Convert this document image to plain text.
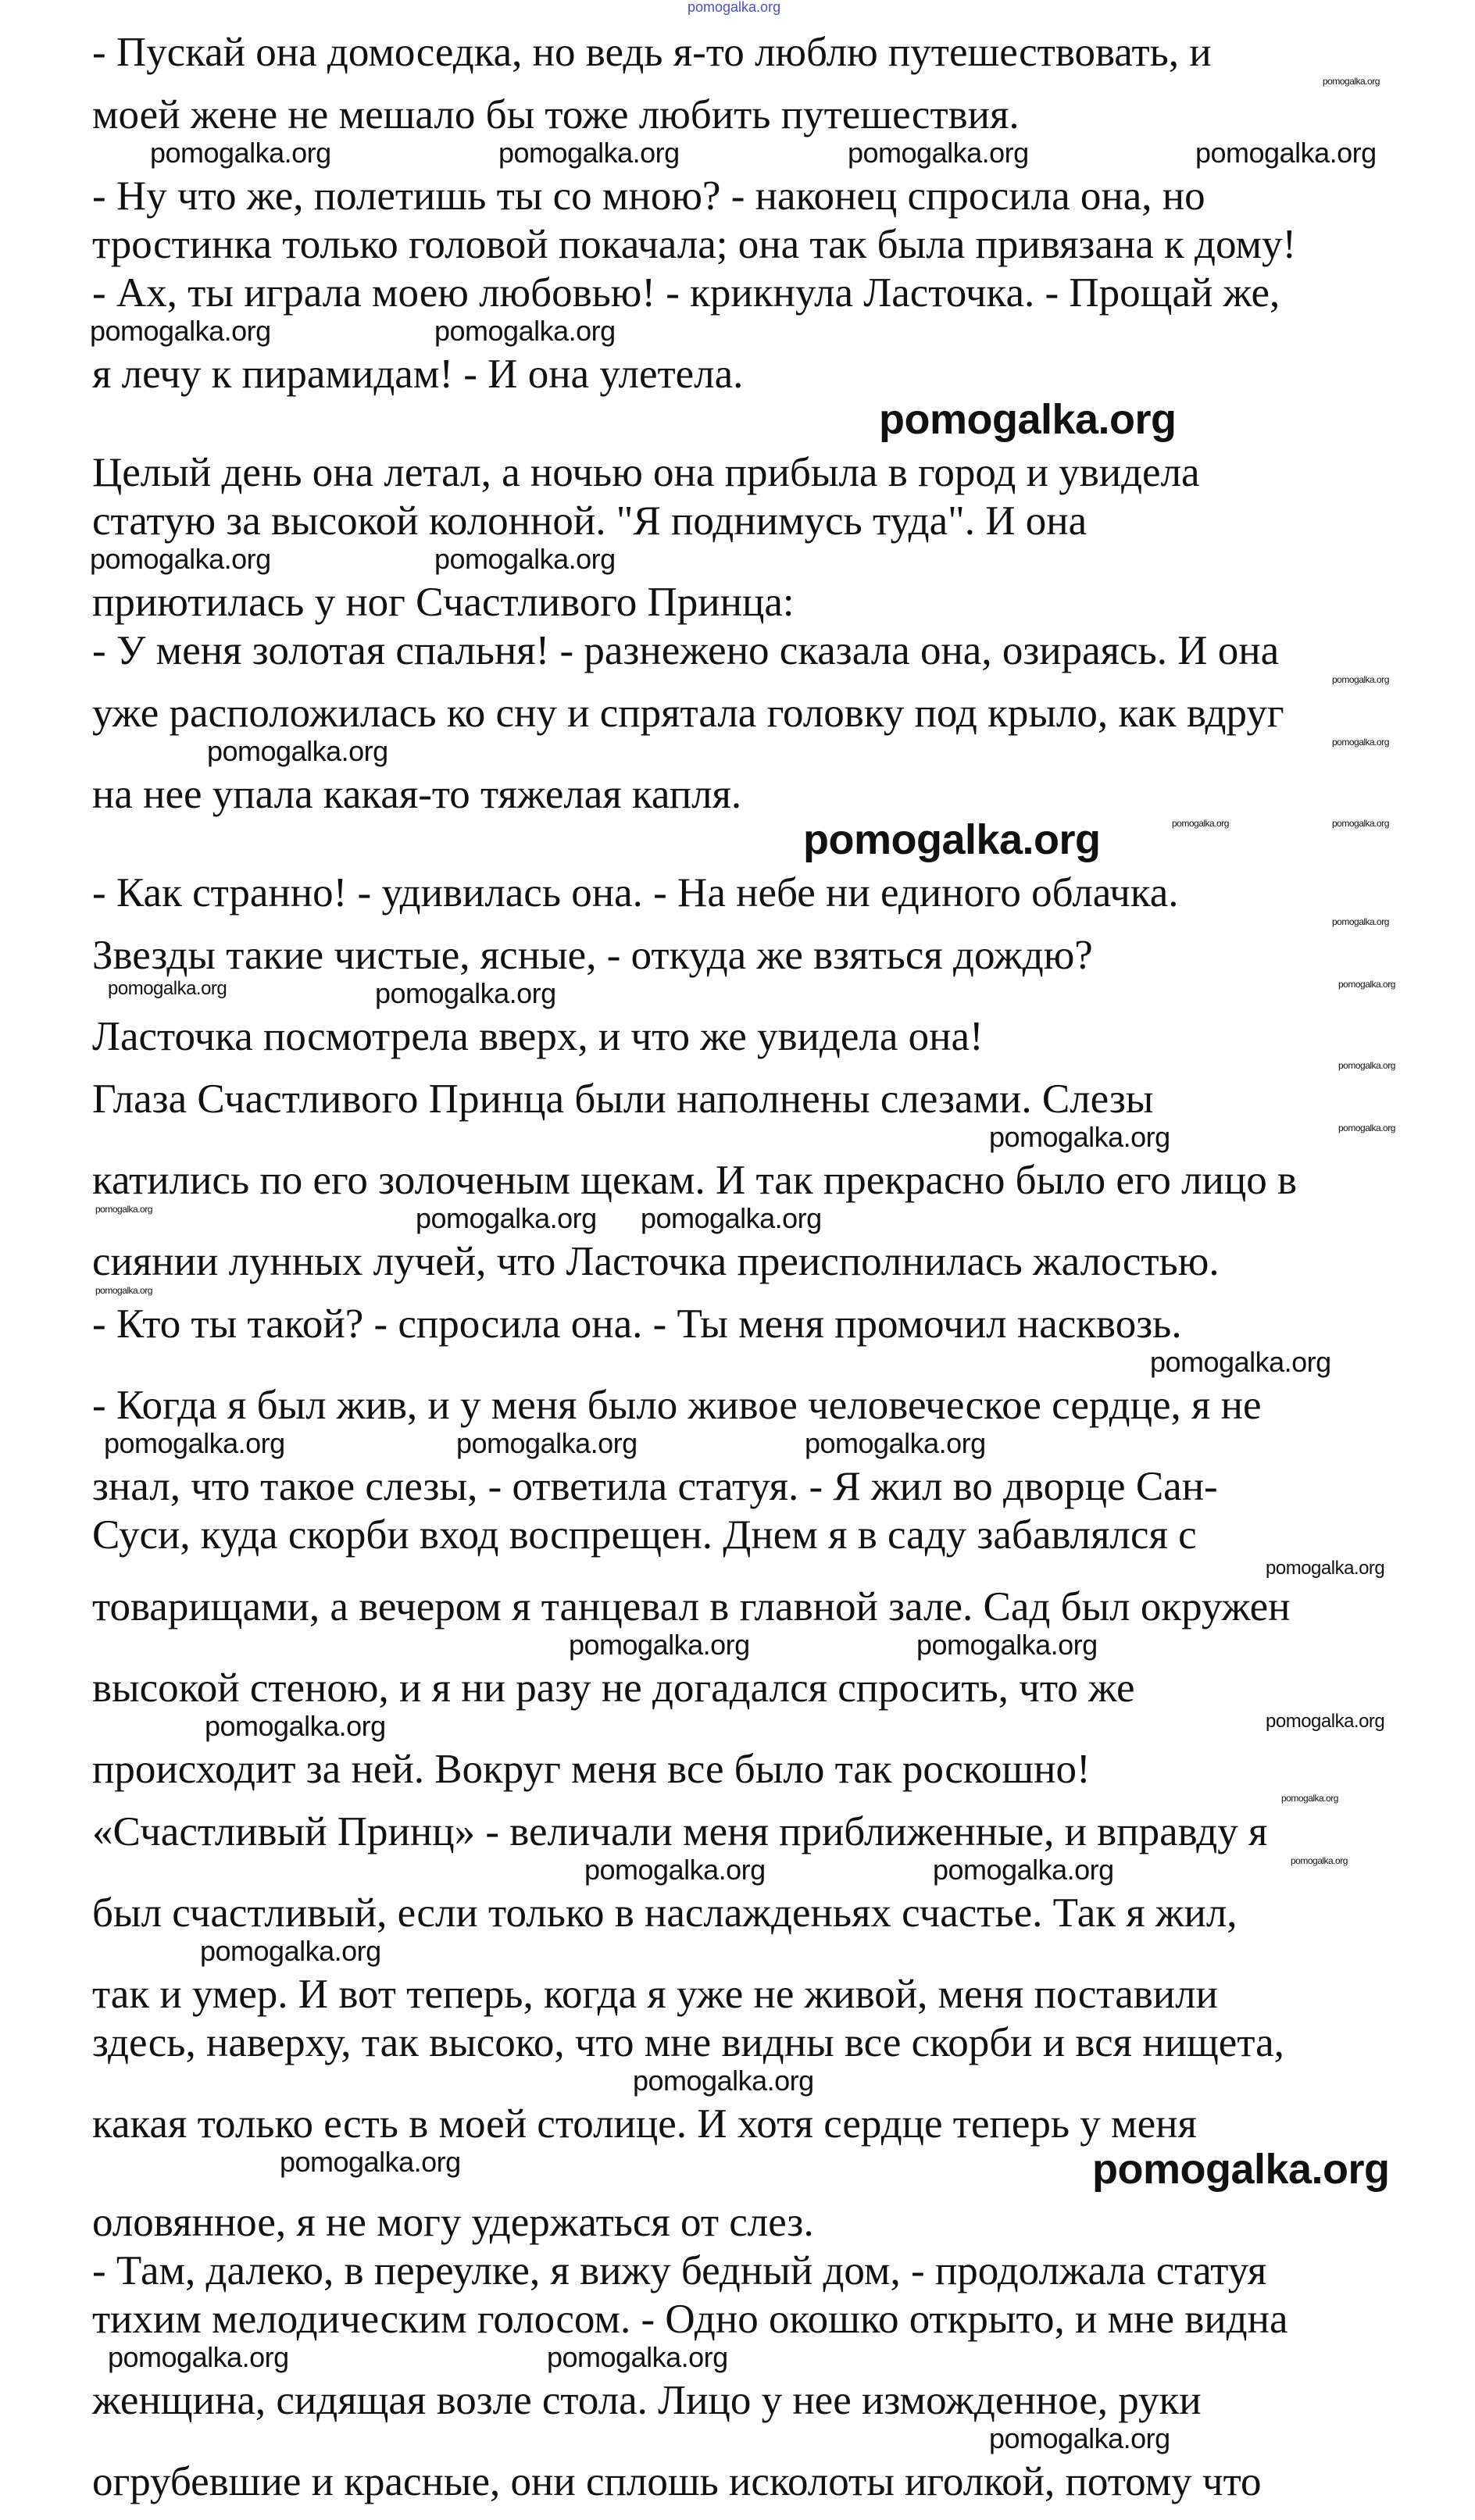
pomogalka.org
- Пускай она домоседка, но ведь я-то люблю путешествовать, и
pomogalka.org
моей жене не мешало бы тоже любить путешествия.
pomogalka.org	pomogalka.org	pomogalka.org	pomogalka.org
- Ну что же, полетишь ты со мною? - наконец спросила она, но
тростинка только головой покачала; она так была привязана к дому!
- Ах, ты играла моею любовью! - крикнула Ласточка. - Прощай же,
pomogalka.org	pomogalka.org
я лечу к пирамидам! - И она улетела.
pomogalka.org
Целый день она летал, а ночью она прибыла в город и увидела
статую за высокой колонной. "Я поднимусь туда". И она
pomogalka.org	pomogalka.org
приютилась у ног Счастливого Принца:
- У меня золотая спальня! - разнежено сказала она, озираясь. И она
pomogalka.org
уже расположилась ко сну и спрятала головку под крыло, как вдруг
pomogalka.org	pomogalka.org
на нее упала какая-то тяжелая капля.
pomogalka.org	pomogalka.org	pomogalka.org
- Как странно! - удивилась она. - На небе ни единого облачка.
pomogalka.org
Звезды такие чистые, ясные, - откуда же взяться дождю?
pomogalka.org	pomogalka.org	pomogalka.org
Ласточка посмотрела вверх, и что же увидела она!
pomogalka.org
Глаза Счастливого Принца были наполнены слезами. Слезы
pomogalka.org	pomogalka.org
катились по его золоченым щекам. И так прекрасно было его лицо в
pomogalka.org	pomogalka.org pomogalka.org
сиянии лунных лучей, что Ласточка преисполнилась жалостью.
pomogalka.org
- Кто ты такой? - спросила она. - Ты меня промочил насквозь.
pomogalka.org
- Когда я был жив, и у меня было живое человеческое сердце, я не
pomogalka.org	pomogalka.org	pomogalka.org
знал, что такое слезы, - ответила статуя. - Я жил во дворце Сан-
Суси, куда скорби вход воспрещен. Днем я в саду забавлялся с
pomogalka.org
товарищами, а вечером я танцевал в главной зале. Сад был окружен
pomogalka.org	pomogalka.org
высокой стеною, и я ни разу не догадался спросить, что же
pomogalka.org	pomogalka.org
происходит за ней. Вокруг меня все было так роскошно!
pomogalka.org
«Счастливый Принц» - величали меня приближенные, и вправду я
pomogalka.org	pomogalka.org	pomogalka.org
был счастливый, если только в наслажденьях счастье. Так я жил,
pomogalka.org
так и умер. И вот теперь, когда я уже не живой, меня поставили
здесь, наверху, так высоко, что мне видны все скорби и вся нищета,
pomogalka.org
какая только есть в моей столице. И хотя сердце теперь у меня
pomogalka.org	pomogalka.org
оловянное, я не могу удержаться от слез.
- Там, далеко, в переулке, я вижу бедный дом, - продолжала статуя
тихим мелодическим голосом. - Одно окошко открыто, и мне видна
pomogalka.org	pomogalka.org
женщина, сидящая возле стола. Лицо у нее изможденное, руки
pomogalka.org
огрубевшие и красные, они сплошь исколоты иголкой, потому что
